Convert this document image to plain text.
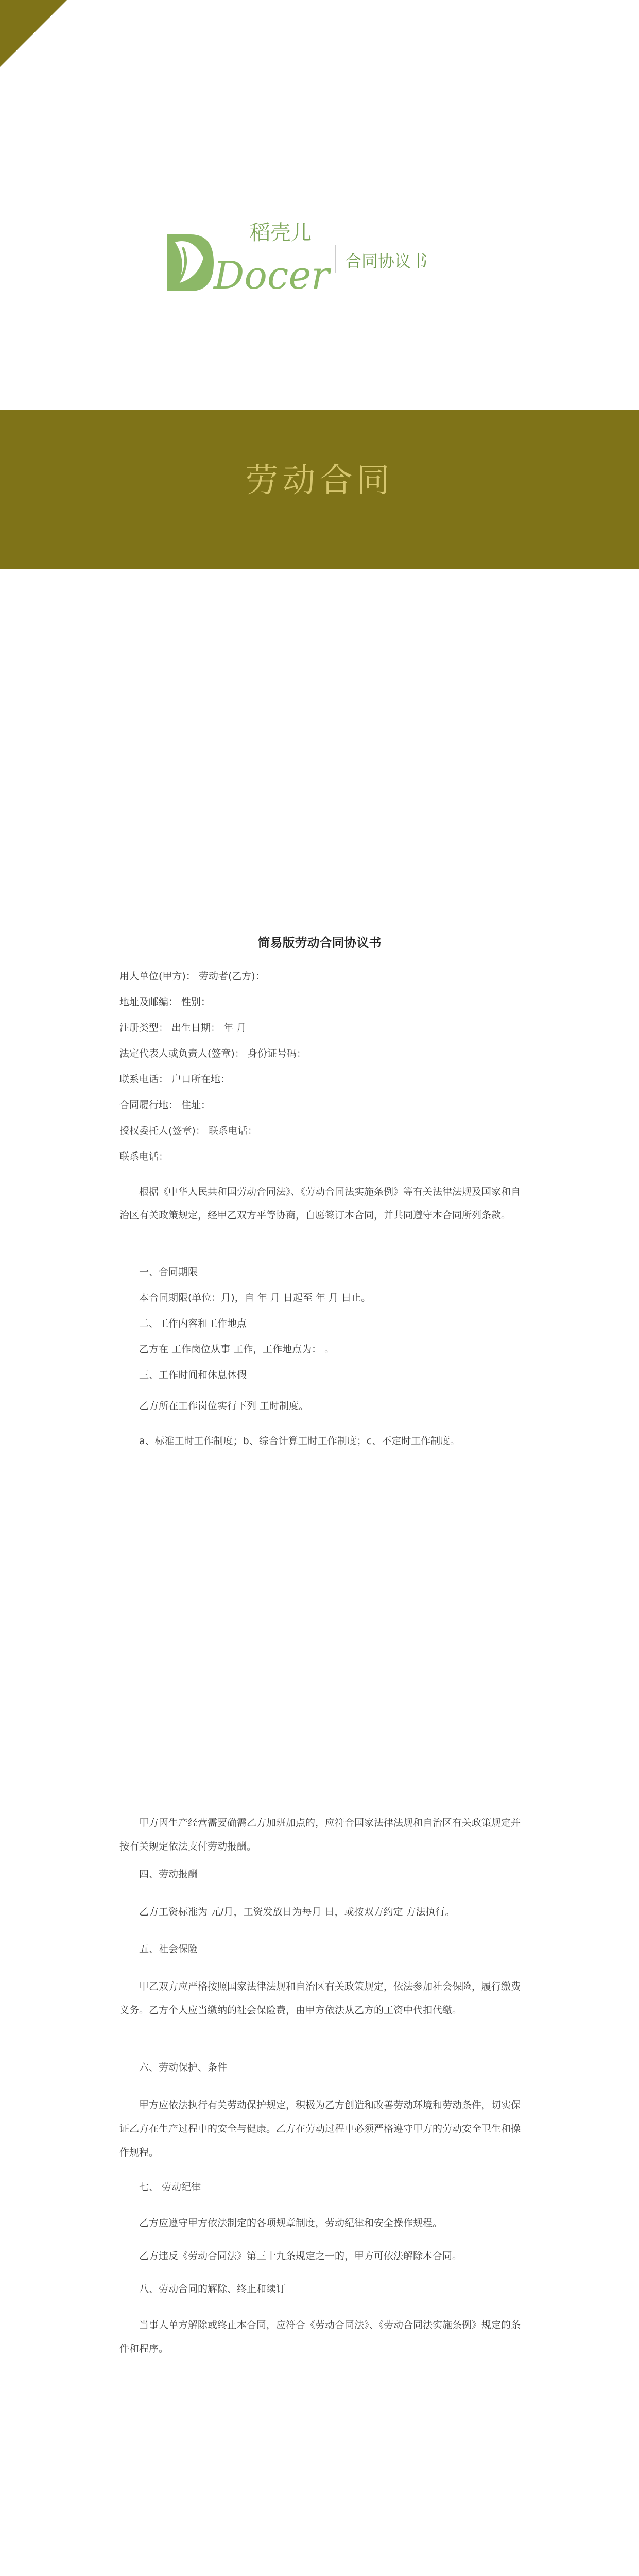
Docer
稻壳儿
合同协议书
劳动合同
简易版劳动合同协议书
用人单位(甲方)： 劳动者(乙方)：
地址及邮编： 性别：
注册类型： 出生日期： 年 月
法定代表人或负责人(签章)： 身份证号码：
联系电话： 户口所在地：
合同履行地： 住址：
授权委托人(签章)： 联系电话：
联系电话：
根据《中华人民共和国劳动合同法》、《劳动合同法实施条例》等有关法律法规及国家和自治区有关政策规定，经甲乙双方平等协商，自愿签订本合同，并共同遵守本合同所列条款。
一、合同期限
本合同期限(单位：月)，自 年 月 日起至 年 月 日止。
二、工作内容和工作地点
乙方在 工作岗位从事 工作，工作地点为： 。
三、工作时间和休息休假
乙方所在工作岗位实行下列 工时制度。
a、标准工时工作制度；b、综合计算工时工作制度；c、不定时工作制度。
甲方因生产经营需要确需乙方加班加点的，应符合国家法律法规和自治区有关政策规定并按有关规定依法支付劳动报酬。
四、劳动报酬
乙方工资标准为 元/月，工资发放日为每月 日，或按双方约定 方法执行。
五、社会保险
甲乙双方应严格按照国家法律法规和自治区有关政策规定，依法参加社会保险，履行缴费义务。乙方个人应当缴纳的社会保险费，由甲方依法从乙方的工资中代扣代缴。
六、劳动保护、条件
甲方应依法执行有关劳动保护规定，积极为乙方创造和改善劳动环境和劳动条件，切实保证乙方在生产过程中的安全与健康。乙方在劳动过程中必须严格遵守甲方的劳动安全卫生和操作规程。
七、 劳动纪律
乙方应遵守甲方依法制定的各项规章制度，劳动纪律和安全操作规程。
乙方违反《劳动合同法》第三十九条规定之一的，甲方可依法解除本合同。
八、劳动合同的解除、终止和续订
当事人单方解除或终止本合同，应符合《劳动合同法》、《劳动合同法实施条例》规定的条件和程序。
